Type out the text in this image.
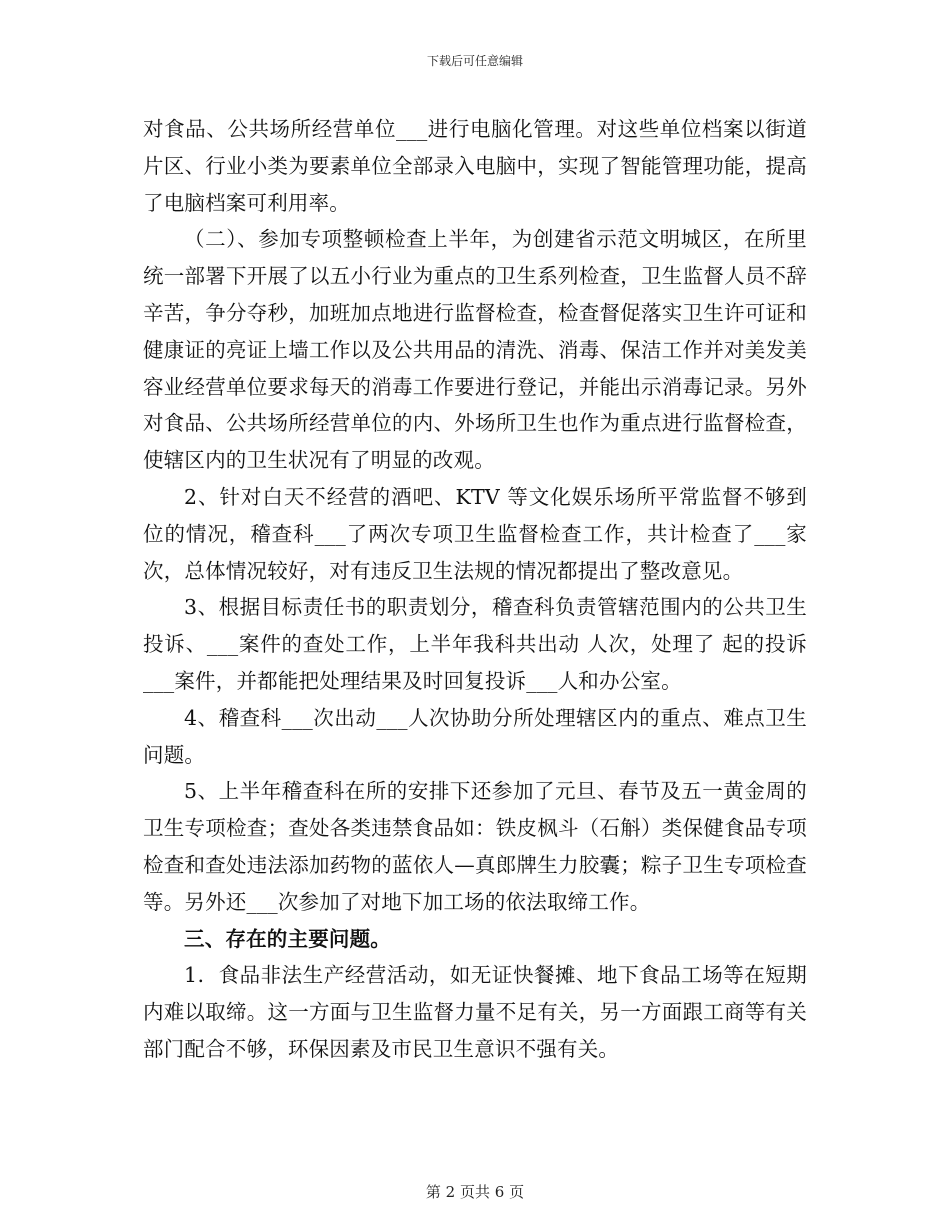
下载后可任意编辑

对食品、公共场所经营单位___进行电脑化管理。对这些单位档案以街道片区、行业小类为要素单位全部录入电脑中，实现了智能管理功能，提高了电脑档案可利用率。

（二）、参加专项整顿检查上半年，为创建省示范文明城区，在所里统一部署下开展了以五小行业为重点的卫生系列检查，卫生监督人员不辞辛苦，争分夺秒，加班加点地进行监督检查，检查督促落实卫生许可证和健康证的亮证上墙工作以及公共用品的清洗、消毒、保洁工作并对美发美容业经营单位要求每天的消毒工作要进行登记，并能出示消毒记录。另外对食品、公共场所经营单位的内、外场所卫生也作为重点进行监督检查，使辖区内的卫生状况有了明显的改观。

2、针对白天不经营的酒吧、KTV 等文化娱乐场所平常监督不够到位的情况，稽查科___了两次专项卫生监督检查工作，共计检查了___家次，总体情况较好，对有违反卫生法规的情况都提出了整改意见。

3、根据目标责任书的职责划分，稽查科负责管辖范围内的公共卫生投诉、___案件的查处工作，上半年我科共出动 人次，处理了 起的投诉___案件，并都能把处理结果及时回复投诉___人和办公室。

4、稽查科___次出动___人次协助分所处理辖区内的重点、难点卫生问题。

5、上半年稽查科在所的安排下还参加了元旦、春节及五一黄金周的卫生专项检查；查处各类违禁食品如：铁皮枫斗（石斛）类保健食品专项检查和查处违法添加药物的蓝依人—真郎牌生力胶囊；粽子卫生专项检查等。另外还___次参加了对地下加工场的依法取缔工作。

三、存在的主要问题。

1．食品非法生产经营活动，如无证快餐摊、地下食品工场等在短期内难以取缔。这一方面与卫生监督力量不足有关，另一方面跟工商等有关部门配合不够，环保因素及市民卫生意识不强有关。

第 2 页共 6 页
